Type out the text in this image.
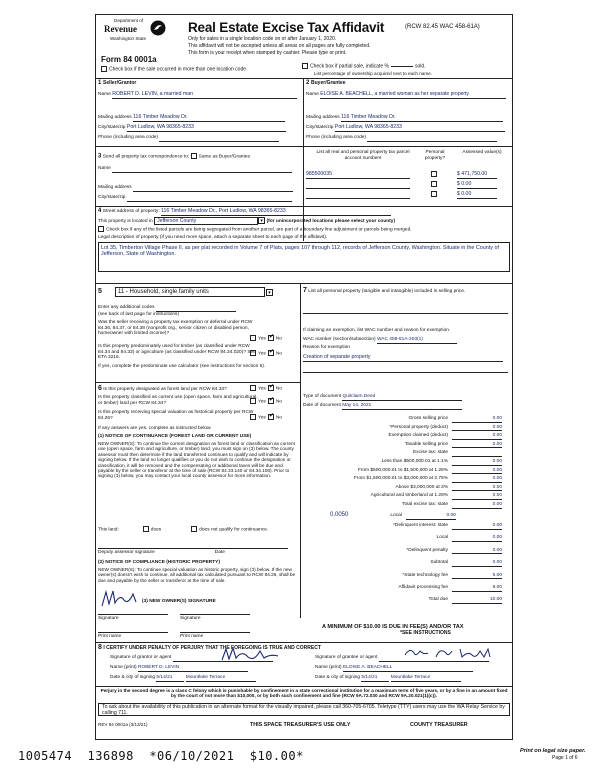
Department of
Revenue
Washington State
Form 84 0001a
Real Estate Excise Tax Affidavit	(RCW 82.45 WAC 458-61A)
Only for sales in a single location code on or after January 1, 2020.
This affidavit will not be accepted unless all areas on all pages are fully completed.
This form is your receipt when stamped by cashier. Please type or print.
Check box if the sale occurred in more than one location code.	Check box if partial sale, indicate %	sold.
List percentage of ownership acquired next to each name.
1 Seller/Grantor
Name ROBERT D. LEVIN, a married man
Mailing address 116 Timber Meadow Dr.
City/state/zip Port Ludlow, WA 98365-8233
Phone (including area code)
2 Buyer/Grantee
Name ELOISE A. BEACHELL, a married woman as her separate property
Mailing address 116 Timber Meadow Dr.
City/state/zip Port Ludlow, WA 98365-8233
Phone (including area code)
3 Send all property tax correspondence to: Same as Buyer/Grantee
Name
Mailing address
City/state/zip
List all real and personal property tax parcel account numbers
Personal property?
Assessed value(s)
985500035	$ 471,750.00
$ 0.00
$ 0.00
4 Street address of property: 116 Timber Meadow Dr., Port Ludlow, WA 98365-8233
This property is located in Jefferson County	▾ (for unincorporated locations please select your county)
Check box if any of the listed parcels are being segregated from another parcel, are part of a boundary line adjustment or parcels being merged.
Legal description of property (if you need more space, attach a separate sheet to each page of the affidavit).
Lot 35, Timberton Village Phase II, as per plat recorded in Volume 7 of Plats, pages 107 through 112, records of Jefferson County, Washington. Situate in the County of Jefferson, State of Washington.
5	11 - Household, single family units	▾
Enter any additional codes
(see back of last page for instructions)
Was the seller receiving a property tax exemption or deferral under RCW 84.36, 84.37, or 84.38 (nonprofit org., senior citizen or disabled person, homeowner with limited income)?
Yes ✔ No
Is this property predominately used for timber (as classified under RCW 84.34 and 84.33) or agriculture (as classified under RCW 84.34.020)? See ETA 3215.
Yes ✔ No
If yes, complete the predominate use calculator (see instructions for section 5).
6 Is this property designated as forest land per RCW 84.33?	Yes ✔ No
Is this property classified as current use (open space, farm and agricultural, or timber) land per RCW 84.34?	Yes ✔ No
Is this property receiving special valuation as historical property per RCW 84.26?	Yes ✔ No
If any answers are yes, complete as instructed below.
(1) NOTICE OF CONTINUANCE (FOREST LAND OR CURRENT USE)
NEW OWNER(S): To continue the current designation as forest land or classification as current use (open space, farm and agriculture, or timber) land, you must sign on (3) below. The county assessor must then determine if the land transferred continues to qualify and will indicate by signing below. If the land no longer qualifies or you do not wish to continue the designation or classification, it will be removed and the compensating or additional taxes will be due and payable by the seller or transferor at the time of sale (RCW 84.33.140 or 84.34.108). Prior to signing (3) below, you may contact your local county assessor for more information.
This land:	does	does not qualify for continuance.

Deputy assessor signature	Date
(2) NOTICE OF COMPLIANCE (HISTORIC PROPERTY)
NEW OWNER(S): To continue special valuation as historic property, sign (3) below. If the new owner(s) doesn't wish to continue, all additional tax calculated pursuant to RCW 84.26, shall be due and payable by the seller or transferor at the time of sale.
(3) NEW OWNER(S) SIGNATURE
Signature	Signature
Print name	Print name
7 List all personal property (tangible and intangible) included in selling price.
If claiming an exemption, list WAC number and reason for exemption.
WAC number (section/subsection) WAC 458-61A-203(1)
Reason for exemption
Creation of separate property
Type of document Quitclaim Deed
Date of document May 14, 2021
Gross selling price	0.00
*Personal property (deduct)	0.00
Exemption claimed (deduct)	0.00
Taxable selling price	0.00
Excise tax: state
Less than $500,000.01 at 1.1%	0.00
From $500,000.01 to $1,500,000 at 1.28%	0.00
From $1,500,000.01 to $3,000,000 at 2.75%	0.00
Above $3,000,000 at 3%	0.00
Agricultural and timberland at 1.28%	0.00
Total excise tax: state	0.00
0.0050	Local	0.00
*Delinquent interest: state	0.00
Local	0.00
*Delinquent penalty	0.00
Subtotal	0.00
*State technology fee	5.00
Affidavit processing fee	5.00
Total due	10.00
A MINIMUM OF $10.00 IS DUE IN FEE(S) AND/OR TAX
*SEE INSTRUCTIONS
8 I CERTIFY UNDER PENALTY OF PERJURY THAT THE FOREGOING IS TRUE AND CORRECT
Signature of grantor or agent
Name (print) ROBERT D. LEVIN
Date & city of signing 5/14/21	Mountlake Terrace
Signature of grantee or agent
Name (print) ELOISE A. BEACHELL
Date & city of signing 5/14/21	Mountlake Terrace
Perjury in the second degree is a class C felony which is punishable by confinement in a state correctional institution for a maximum term of five years, or by a fine in an amount fixed by the court of not more than $10,000, or by both such confinement and fine (RCW 9A.72.030 and RCW 9A.20.021(1)(c)).
To ask about the availability of this publication in an alternate format for the visually impaired, please call 360-705-6705. Teletype (TTY) users may use the WA Relay Service by calling 711.
REV 84 0001a (3/13/21)	THIS SPACE TREASURER'S USE ONLY	COUNTY TREASURER
1005474  136898  *06/10/2021  $10.00*	Print on legal size paper.
Page 1 of 6
